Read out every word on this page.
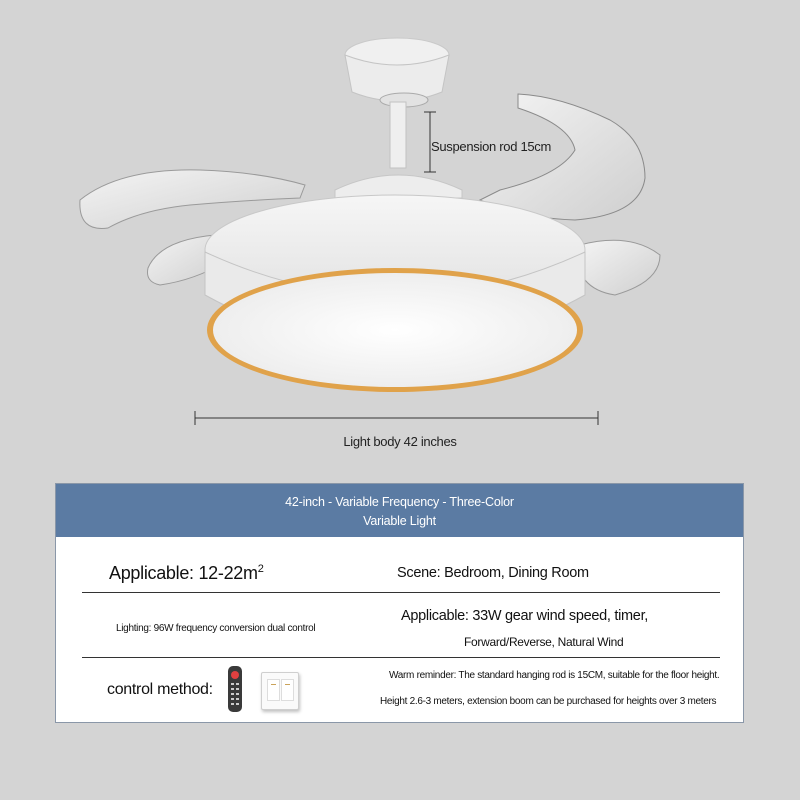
Suspension rod 15cm
Light body 42 inches
42-inch - Variable Frequency - Three-Color
Variable Light
Applicable: $12-22m^2$	Scene: Bedroom, Dining Room
Lighting: 96W frequency conversion dual control
Applicable: 33W gear wind speed, timer,
Forward/Reverse, Natural Wind
control method:
Warm reminder: The standard hanging rod is 15CM, suitable for the floor height.
Height 2.6-3 meters, extension boom can be purchased for heights over 3 meters
